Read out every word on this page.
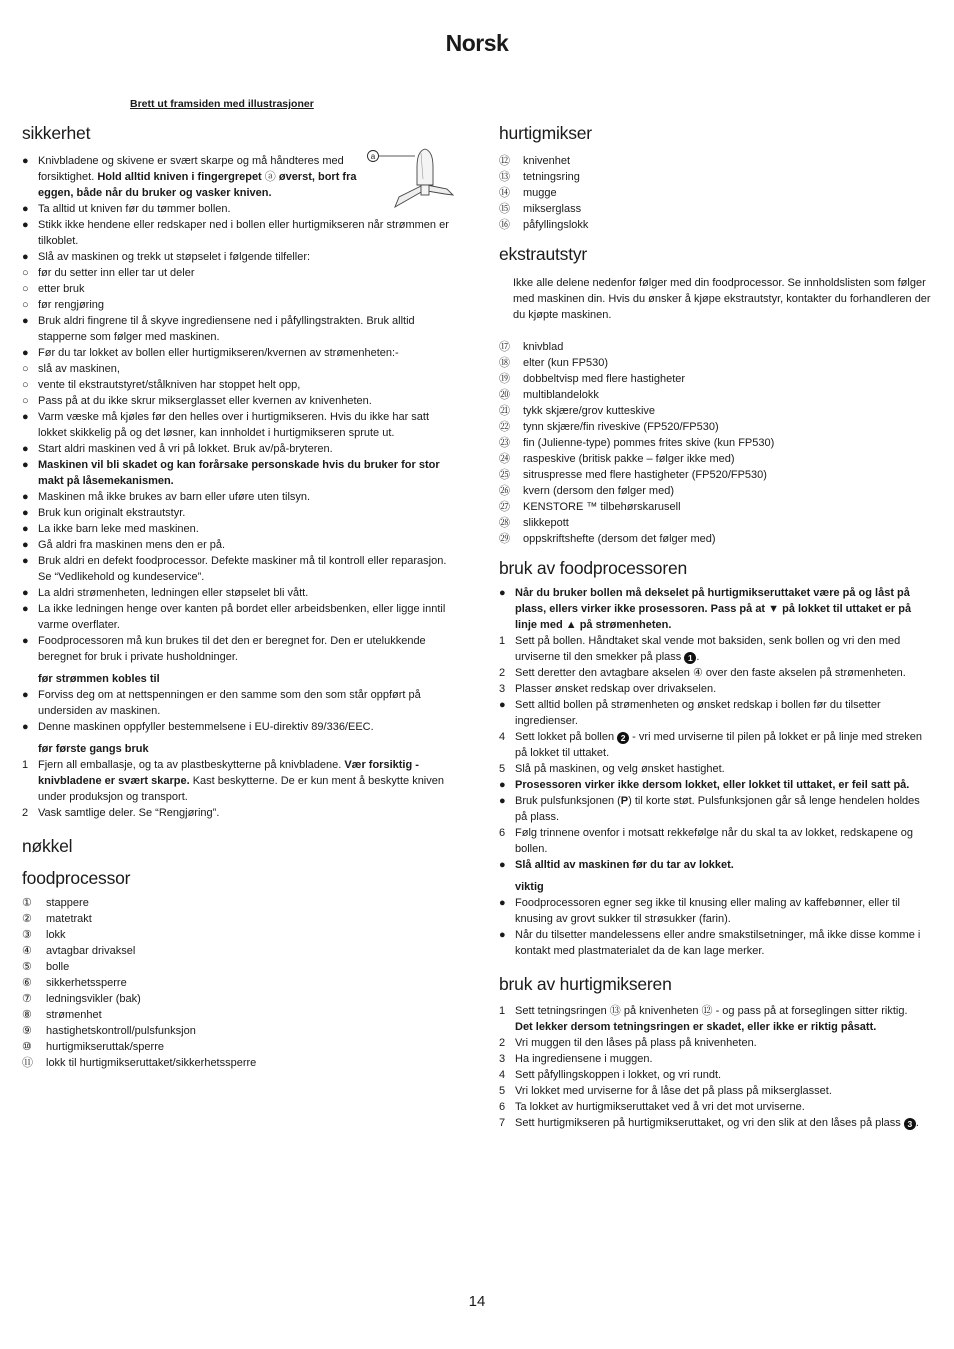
Norsk
Brett ut framsiden med illustrasjoner
a
sikkerhet
● Knivbladene og skivene er svært skarpe og må håndteres med forsiktighet. Hold alltid kniven i fingergrepet ⓐ øverst, bort fra eggen, både når du bruker og vasker kniven.
● Ta alltid ut kniven før du tømmer bollen.
● Stikk ikke hendene eller redskaper ned i bollen eller hurtigmikseren når strømmen er tilkoblet.
● Slå av maskinen og trekk ut støpselet i følgende tilfeller:
○ før du setter inn eller tar ut deler
○ etter bruk
○ før rengjøring
● Bruk aldri fingrene til å skyve ingrediensene ned i påfyllingstrakten. Bruk alltid stapperne som følger med maskinen.
● Før du tar lokket av bollen eller hurtigmikseren/kvernen av strømenheten:-
○ slå av maskinen,
○ vente til ekstrautstyret/stålkniven har stoppet helt opp,
○ Pass på at du ikke skrur mikserglasset eller kvernen av knivenheten.
● Varm væske må kjøles før den helles over i hurtigmikseren. Hvis du ikke har satt lokket skikkelig på og det løsner, kan innholdet i hurtigmikseren sprute ut.
● Start aldri maskinen ved å vri på lokket. Bruk av/på-bryteren.
● Maskinen vil bli skadet og kan forårsake personskade hvis du bruker for stor makt på låsemekanismen.
● Maskinen må ikke brukes av barn eller uføre uten tilsyn.
● Bruk kun originalt ekstrautstyr.
● La ikke barn leke med maskinen.
● Gå aldri fra maskinen mens den er på.
● Bruk aldri en defekt foodprocessor. Defekte maskiner må til kontroll eller reparasjon. Se “Vedlikehold og kundeservice”.
● La aldri strømenheten, ledningen eller støpselet bli vått.
● La ikke ledningen henge over kanten på bordet eller arbeidsbenken, eller ligge inntil varme overflater.
● Foodprocessoren må kun brukes til det den er beregnet for. Den er utelukkende beregnet for bruk i private husholdninger.
før strømmen kobles til
● Forviss deg om at nettspenningen er den samme som den som står oppført på undersiden av maskinen.
● Denne maskinen oppfyller bestemmelsene i EU-direktiv 89/336/EEC.
før første gangs bruk
1 Fjern all emballasje, og ta av plastbeskytterne på knivbladene. Vær forsiktig - knivbladene er svært skarpe. Kast beskytterne. De er kun ment å beskytte kniven under produksjon og transport.
2 Vask samtlige deler. Se “Rengjøring”.
nøkkel
foodprocessor
① stappere
② matetrakt
③ lokk
④ avtagbar drivaksel
⑤ bolle
⑥ sikkerhetssperre
⑦ ledningsvikler (bak)
⑧ strømenhet
⑨ hastighetskontroll/pulsfunksjon
⑩ hurtigmikseruttak/sperre
⑪ lokk til hurtigmikseruttaket/sikkerhetssperre
hurtigmikser
⑫ knivenhet
⑬ tetningsring
⑭ mugge
⑮ mikserglass
⑯ påfyllingslokk
ekstrautstyr
Ikke alle delene nedenfor følger med din foodprocessor. Se innholdslisten som følger med maskinen din. Hvis du ønsker å kjøpe ekstrautstyr, kontakter du forhandleren der du kjøpte maskinen.
⑰ knivblad
⑱ elter (kun FP530)
⑲ dobbeltvisp med flere hastigheter
⑳ multiblandelokk
㉑ tykk skjære/grov kutteskive
㉒ tynn skjære/fin riveskive (FP520/FP530)
㉓ fin (Julienne-type) pommes frites skive (kun FP530)
㉔ raspeskive (britisk pakke – følger ikke med)
㉕ sitruspresse med flere hastigheter (FP520/FP530)
㉖ kvern (dersom den følger med)
㉗ KENSTORE ™ tilbehørskarusell
㉘ slikkepott
㉙ oppskriftshefte (dersom det følger med)
bruk av foodprocessoren
● Når du bruker bollen må dekselet på hurtigmikseruttaket være på og låst på plass, ellers virker ikke prosessoren. Pass på at ▼ på lokket til uttaket er på linje med ▲ på strømenheten.
1 Sett på bollen. Håndtaket skal vende mot baksiden, senk bollen og vri den med urviserne til den smekker på plass 1 .
2 Sett deretter den avtagbare akselen ④ over den faste akselen på strømenheten.
3 Plasser ønsket redskap over drivakselen.
● Sett alltid bollen på strømenheten og ønsket redskap i bollen før du tilsetter ingredienser.
4 Sett lokket på bollen 2 - vri med urviserne til pilen på lokket er på linje med streken på lokket til uttaket.
5 Slå på maskinen, og velg ønsket hastighet.
● Prosessoren virker ikke dersom lokket, eller lokket til uttaket, er feil satt på.
● Bruk pulsfunksjonen (P) til korte støt. Pulsfunksjonen går så lenge hendelen holdes på plass.
6 Følg trinnene ovenfor i motsatt rekkefølge når du skal ta av lokket, redskapene og bollen.
● Slå alltid av maskinen før du tar av lokket.
viktig
● Foodprocessoren egner seg ikke til knusing eller maling av kaffebønner, eller til knusing av grovt sukker til strøsukker (farin).
● Når du tilsetter mandelessens eller andre smakstilsetninger, må ikke disse komme i kontakt med plastmaterialet da de kan lage merker.
bruk av hurtigmikseren
1 Sett tetningsringen ⑬ på knivenheten ⑫ - og pass på at forseglingen sitter riktig.
Det lekker dersom tetningsringen er skadet, eller ikke er riktig påsatt.
2 Vri muggen til den låses på plass på knivenheten.
3 Ha ingrediensene i muggen.
4 Sett påfyllingskoppen i lokket, og vri rundt.
5 Vri lokket med urviserne for å låse det på plass på mikserglasset.
6 Ta lokket av hurtigmikseruttaket ved å vri det mot urviserne.
7 Sett hurtigmikseren på hurtigmikseruttaket, og vri den slik at den låses på plass 3 .
14
